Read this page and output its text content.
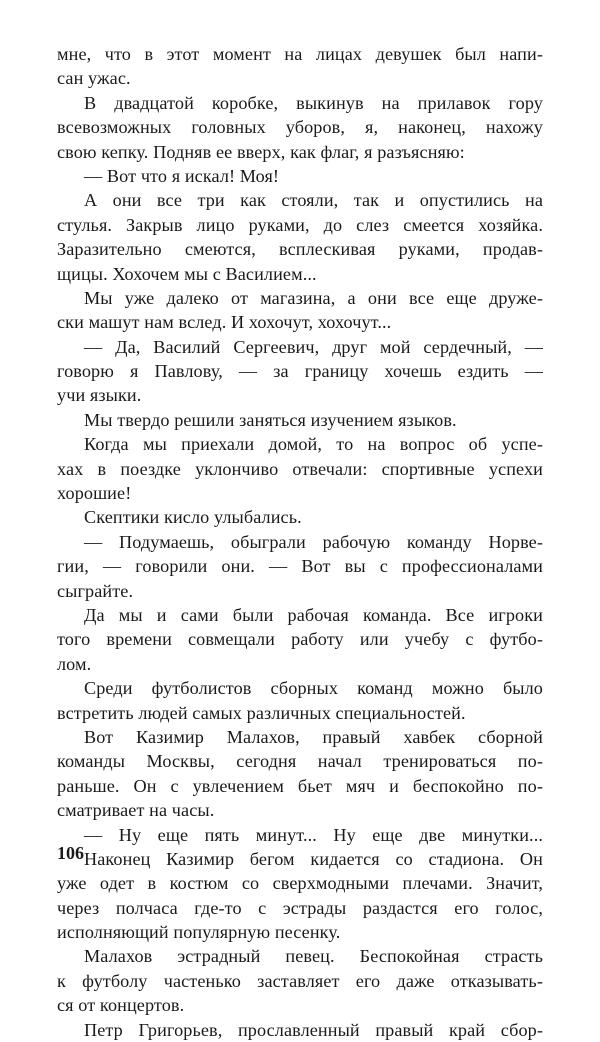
мне, что в этот момент на лицах девушек был напи-
сан ужас.
В двадцатой коробке, выкинув на прилавок гору
всевозможных головных уборов, я, наконец, нахожу
свою кепку. Подняв ее вверх, как флаг, я разъясняю:
— Вот что я искал! Моя!
А они все три как стояли, так и опустились на
стулья. Закрыв лицо руками, до слез смеется хозяйка.
Заразительно смеются, всплескивая руками, продав-
щицы. Хохочем мы с Василием...
Мы уже далеко от магазина, а они все еще друже-
ски машут нам вслед. И хохочут, хохочут...
— Да, Василий Сергеевич, друг мой сердечный, —
говорю я Павлову, — за границу хочешь ездить —
учи языки.
Мы твердо решили заняться изучением языков.
Когда мы приехали домой, то на вопрос об успе-
хах в поездке уклончиво отвечали: спортивные успехи
хорошие!
Скептики кисло улыбались.
— Подумаешь, обыграли рабочую команду Норве-
гии, — говорили они. — Вот вы с профессионалами
сыграйте.
Да мы и сами были рабочая команда. Все игроки
того времени совмещали работу или учебу с футбо-
лом.
Среди футболистов сборных команд можно было
встретить людей самых различных специальностей.
Вот Казимир Малахов, правый хавбек сборной
команды Москвы, сегодня начал тренироваться по-
раньше. Он с увлечением бьет мяч и беспокойно по-
сматривает на часы.
— Ну еще пять минут... Ну еще две минутки...
Наконец Казимир бегом кидается со стадиона. Он
уже одет в костюм со сверхмодными плечами. Значит,
через полчаса где-то с эстрады раздастся его голос,
исполняющий популярную песенку.
Малахов эстрадный певец. Беспокойная страсть
к футболу частенько заставляет его даже отказывать-
ся от концертов.
Петр Григорьев, прославленный правый край сбор-
106
